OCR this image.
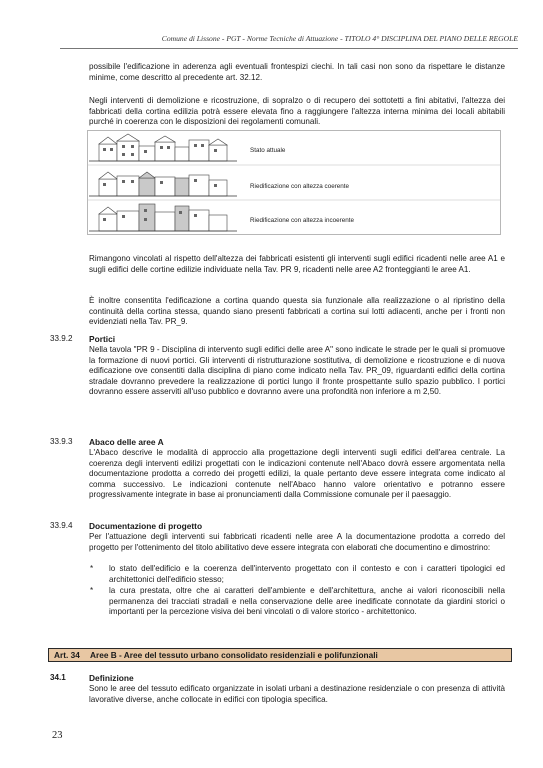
Comune di Lissone - PGT - Norme Tecniche di Attuazione - TITOLO 4° DISCIPLINA DEL PIANO DELLE REGOLE

possibile l'edificazione in aderenza agli eventuali frontespizi ciechi. In tali casi non sono da rispettare le distanze minime, come descritto al precedente art. 32.12.

Negli interventi di demolizione e ricostruzione, di sopralzo o di recupero dei sottotetti a fini abitativi, l'altezza dei fabbricati della cortina edilizia potrà essere elevata fino a raggiungere l'altezza interna minima dei locali abitabili purché in coerenza con le disposizioni dei regolamenti comunali.

Stato attuale
Riedificazione con altezza coerente
Riedificazione con altezza incoerente

Rimangono vincolati al rispetto dell'altezza dei fabbricati esistenti gli interventi sugli edifici ricadenti nelle aree A1 e sugli edifici delle cortine edilizie individuate nella Tav. PR 9, ricadenti nelle aree A2 fronteggianti le aree A1.

È inoltre consentita l'edificazione a cortina quando questa sia funzionale alla realizzazione o al ripristino della continuità della cortina stessa, quando siano presenti fabbricati a cortina sui lotti adiacenti, anche per i fronti non evidenziati nella Tav. PR_9.

33.9.2 Portici

Nella tavola "PR 9 - Disciplina di intervento sugli edifici delle aree A" sono indicate le strade per le quali si promuove la formazione di nuovi portici. Gli interventi di ristrutturazione sostitutiva, di demolizione e ricostruzione e di nuova edificazione ove consentiti dalla disciplina di piano come indicato nella Tav. PR_09, riguardanti edifici della cortina stradale dovranno prevedere la realizzazione di portici lungo il fronte prospettante sullo spazio pubblico. I portici dovranno essere asserviti all'uso pubblico e dovranno avere una profondità non inferiore a m 2,50.

33.9.3 Abaco delle aree A

L'Abaco descrive le modalità di approccio alla progettazione degli interventi sugli edifici dell'area centrale. La coerenza degli interventi edilizi progettati con le indicazioni contenute nell'Abaco dovrà essere argomentata nella documentazione prodotta a corredo dei progetti edilizi, la quale pertanto deve essere integrata come indicato al comma successivo. Le indicazioni contenute nell'Abaco hanno valore orientativo e potranno essere progressivamente integrate in base ai pronunciamenti dalla Commissione comunale per il paesaggio.

33.9.4 Documentazione di progetto

Per l'attuazione degli interventi sui fabbricati ricadenti nelle aree A la documentazione prodotta a corredo del progetto per l'ottenimento del titolo abilitativo deve essere integrata con elaborati che documentino e dimostrino:

* lo stato dell'edificio e la coerenza dell'intervento progettato con il contesto e con i caratteri tipologici ed architettonici dell'edificio stesso;

* la cura prestata, oltre che ai caratteri dell'ambiente e dell'architettura, anche ai valori riconoscibili nella permanenza dei tracciati stradali e nella conservazione delle aree inedificate connotate da giardini storici o importanti per la percezione visiva dei beni vincolati o di valore storico - architettonico.

Art. 34 Aree B - Aree del tessuto urbano consolidato residenziali e polifunzionali
34.1	Definizione

Sono le aree del tessuto edificato organizzate in isolati urbani a destinazione residenziale o con presenza di attività lavorative diverse, anche collocate in edifici con tipologia specifica.

23
